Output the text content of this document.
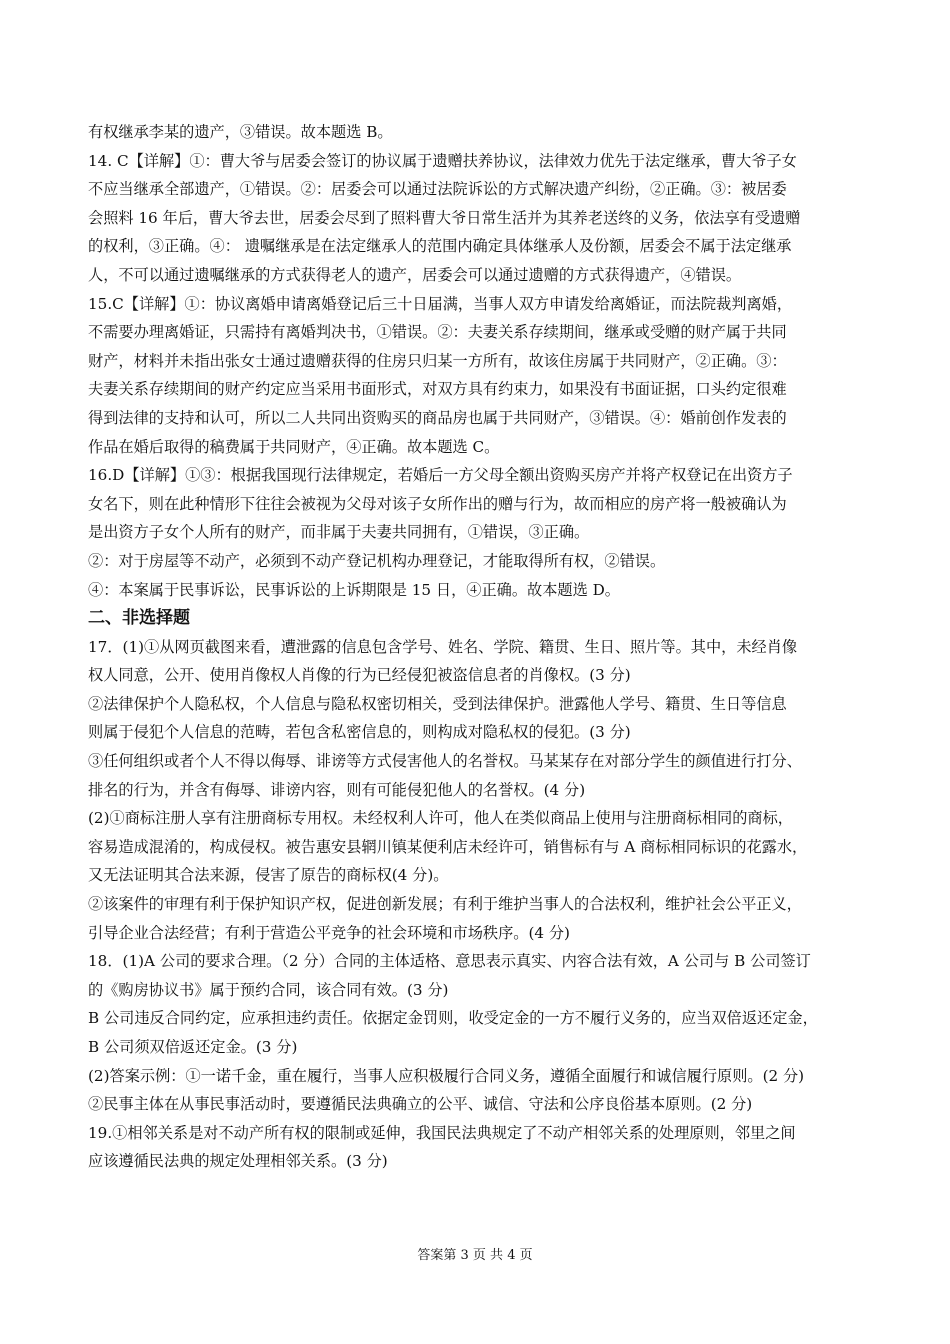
有权继承李某的遗产，③错误。故本题选 B。
14. C【详解】①：曹大爷与居委会签订的协议属于遗赠扶养协议，法律效力优先于法定继承，曹大爷子女
不应当继承全部遗产，①错误。②：居委会可以通过法院诉讼的方式解决遗产纠纷，②正确。③：被居委
会照料 16 年后，曹大爷去世，居委会尽到了照料曹大爷日常生活并为其养老送终的义务，依法享有受遗赠
的权利，③正确。④： 遗嘱继承是在法定继承人的范围内确定具体继承人及份额，居委会不属于法定继承
人，不可以通过遗嘱继承的方式获得老人的遗产，居委会可以通过遗赠的方式获得遗产，④错误。
15.C【详解】①：协议离婚申请离婚登记后三十日届满，当事人双方申请发给离婚证，而法院裁判离婚，
不需要办理离婚证，只需持有离婚判决书，①错误。②：夫妻关系存续期间，继承或受赠的财产属于共同
财产，材料并未指出张女士通过遗赠获得的住房只归某一方所有，故该住房属于共同财产，②正确。③：
夫妻关系存续期间的财产约定应当采用书面形式，对双方具有约束力，如果没有书面证据，口头约定很难
得到法律的支持和认可，所以二人共同出资购买的商品房也属于共同财产，③错误。④：婚前创作发表的
作品在婚后取得的稿费属于共同财产，④正确。故本题选 C。
16.D【详解】①③：根据我国现行法律规定，若婚后一方父母全额出资购买房产并将产权登记在出资方子
女名下，则在此种情形下往往会被视为父母对该子女所作出的赠与行为，故而相应的房产将一般被确认为
是出资方子女个人所有的财产，而非属于夫妻共同拥有，①错误，③正确。
②：对于房屋等不动产，必须到不动产登记机构办理登记，才能取得所有权，②错误。
④：本案属于民事诉讼，民事诉讼的上诉期限是 15 日，④正确。故本题选 D。
二、非选择题
17．(1)①从网页截图来看，遭泄露的信息包含学号、姓名、学院、籍贯、生日、照片等。其中，未经肖像
权人同意，公开、使用肖像权人肖像的行为已经侵犯被盗信息者的肖像权。(3 分)
②法律保护个人隐私权，个人信息与隐私权密切相关，受到法律保护。泄露他人学号、籍贯、生日等信息
则属于侵犯个人信息的范畴，若包含私密信息的，则构成对隐私权的侵犯。(3 分)
③任何组织或者个人不得以侮辱、诽谤等方式侵害他人的名誉权。马某某存在对部分学生的颜值进行打分、
排名的行为，并含有侮辱、诽谤内容，则有可能侵犯他人的名誉权。(4 分)
(2)①商标注册人享有注册商标专用权。未经权利人许可，他人在类似商品上使用与注册商标相同的商标，
容易造成混淆的，构成侵权。被告惠安县辋川镇某便利店未经许可，销售标有与 A 商标相同标识的花露水，
又无法证明其合法来源，侵害了原告的商标权(4 分)。
②该案件的审理有利于保护知识产权，促进创新发展；有利于维护当事人的合法权利，维护社会公平正义，
引导企业合法经营；有利于营造公平竞争的社会环境和市场秩序。(4 分)
18．(1)A 公司的要求合理。（2 分）合同的主体适格、意思表示真实、内容合法有效，A 公司与 B 公司签订
的《购房协议书》属于预约合同，该合同有效。(3 分)
B 公司违反合同约定，应承担违约责任。依据定金罚则，收受定金的一方不履行义务的，应当双倍返还定金，
B 公司须双倍返还定金。(3 分)
(2)答案示例：①一诺千金，重在履行，当事人应积极履行合同义务，遵循全面履行和诚信履行原则。(2 分)
②民事主体在从事民事活动时，要遵循民法典确立的公平、诚信、守法和公序良俗基本原则。(2 分)
19.①相邻关系是对不动产所有权的限制或延伸，我国民法典规定了不动产相邻关系的处理原则，邻里之间
应该遵循民法典的规定处理相邻关系。(3 分)
答案第 3 页 共 4 页
